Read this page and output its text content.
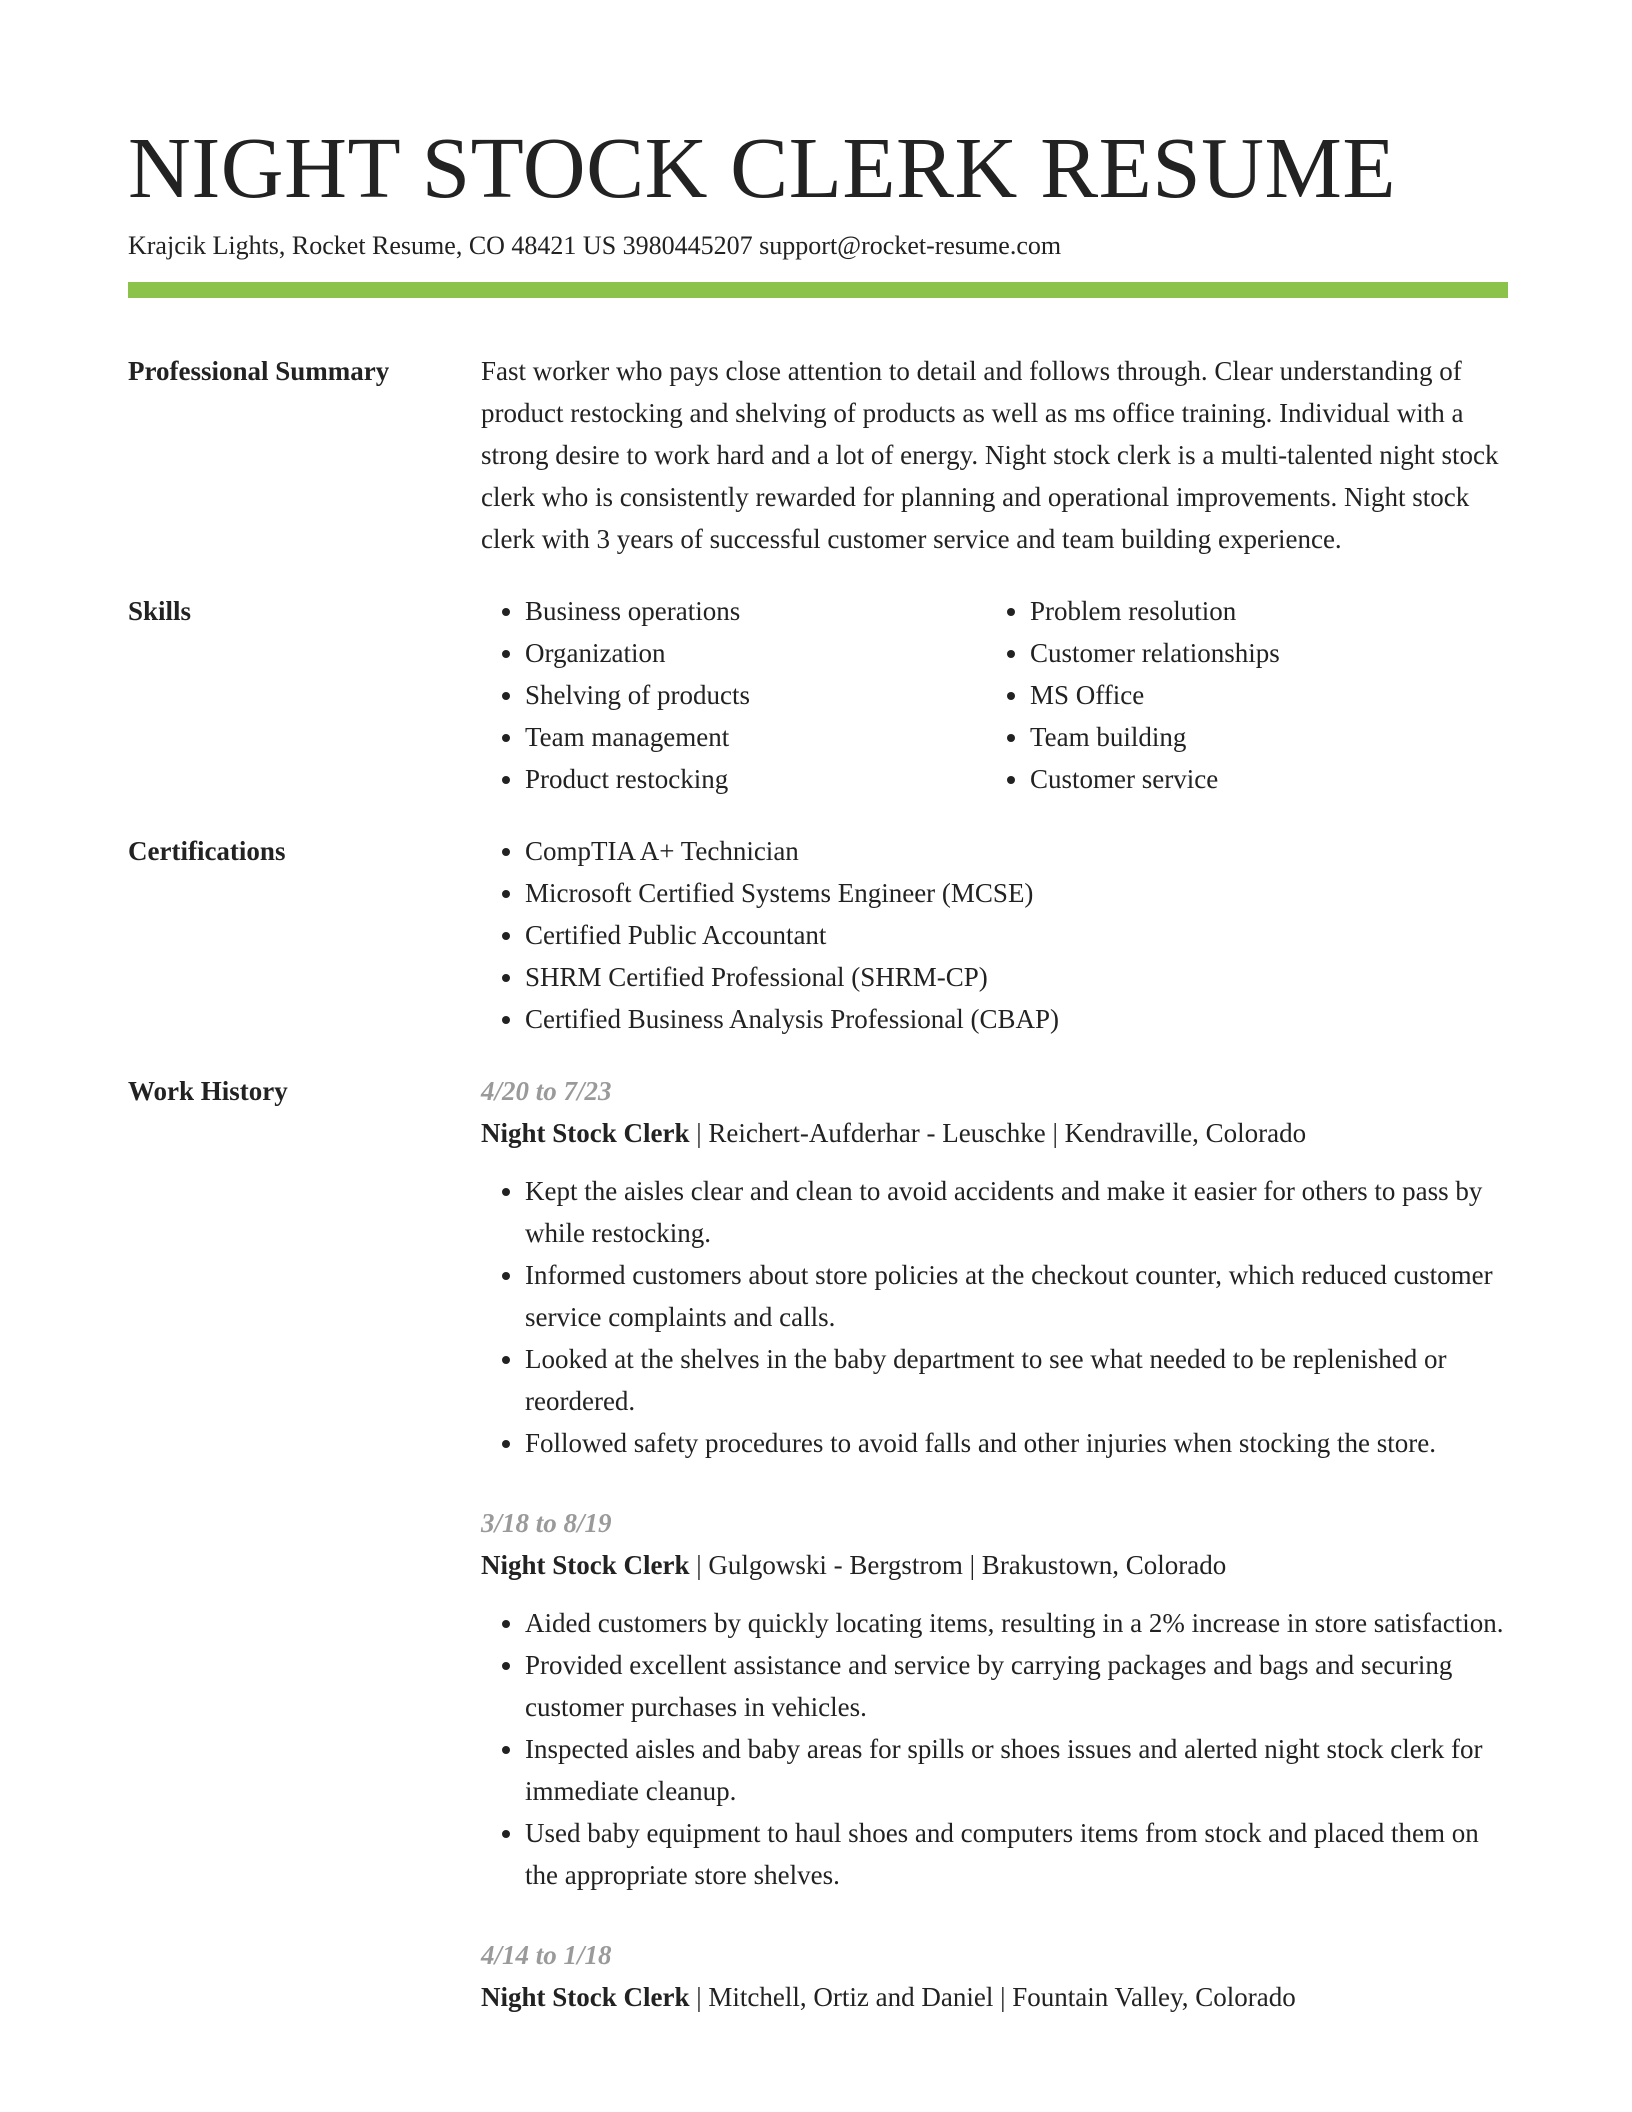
NIGHT STOCK CLERK RESUME
Krajcik Lights, Rocket Resume, CO 48421 US 3980445207 support@rocket-resume.com
Professional Summary	Fast worker who pays close attention to detail and follows through. Clear understanding of product restocking and shelving of products as well as ms office training. Individual with a strong desire to work hard and a lot of energy. Night stock clerk is a multi-talented night stock clerk who is consistently rewarded for planning and operational improvements. Night stock clerk with 3 years of successful customer service and team building experience.

Skills	• Business operations
• Organization
• Shelving of products
• Team management
• Product restocking
• Problem resolution
• Customer relationships
• MS Office
• Team building
• Customer service
Certifications	• CompTIA A+ Technician
• Microsoft Certified Systems Engineer (MCSE)
• Certified Public Accountant
• SHRM Certified Professional (SHRM-CP)
• Certified Business Analysis Professional (CBAP)
Work History	4/20 to 7/23
Night Stock Clerk | Reichert-Aufderhar - Leuschke | Kendraville, Colorado
• Kept the aisles clear and clean to avoid accidents and make it easier for others to pass by while restocking.
• Informed customers about store policies at the checkout counter, which reduced customer service complaints and calls.
• Looked at the shelves in the baby department to see what needed to be replenished or reordered.
• Followed safety procedures to avoid falls and other injuries when stocking the store.
3/18 to 8/19
Night Stock Clerk | Gulgowski - Bergstrom | Brakustown, Colorado
• Aided customers by quickly locating items, resulting in a 2% increase in store satisfaction.
• Provided excellent assistance and service by carrying packages and bags and securing customer purchases in vehicles.
• Inspected aisles and baby areas for spills or shoes issues and alerted night stock clerk for immediate cleanup.
• Used baby equipment to haul shoes and computers items from stock and placed them on the appropriate store shelves.
4/14 to 1/18
Night Stock Clerk | Mitchell, Ortiz and Daniel | Fountain Valley, Colorado
